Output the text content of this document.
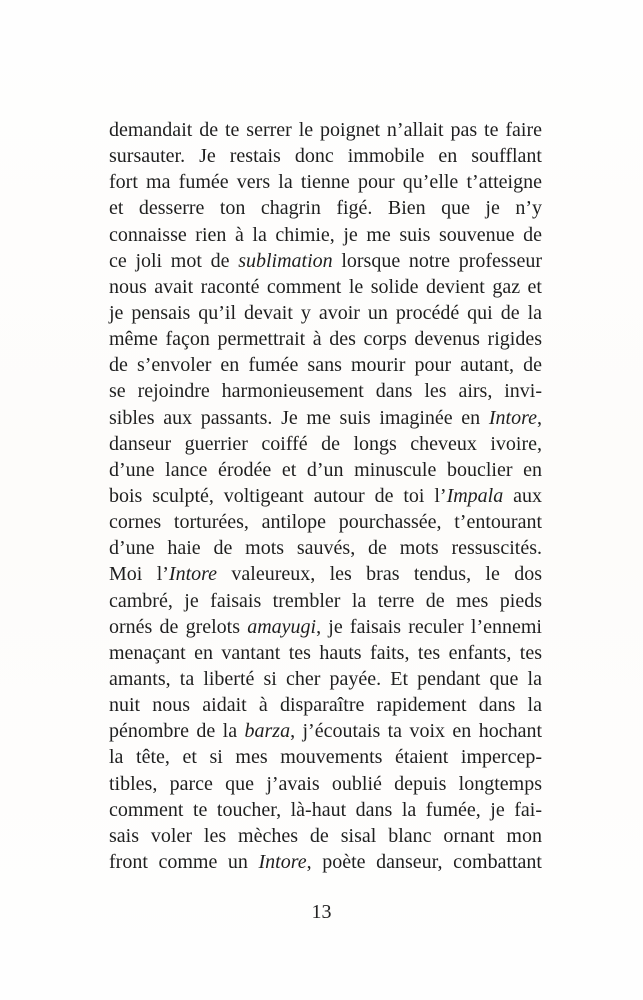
demandait de te serrer le poignet n’allait pas te faire
sursauter. Je restais donc immobile en soufflant
fort ma fumée vers la tienne pour qu’elle t’atteigne
et desserre ton chagrin figé. Bien que je n’y
connaisse rien à la chimie, je me suis souvenue de
ce joli mot de sublimation lorsque notre professeur
nous avait raconté comment le solide devient gaz et
je pensais qu’il devait y avoir un procédé qui de la
même façon permettrait à des corps devenus rigides
de s’envoler en fumée sans mourir pour autant, de
se rejoindre harmonieusement dans les airs, invi-
sibles aux passants. Je me suis imaginée en Intore,
danseur guerrier coiffé de longs cheveux ivoire,
d’une lance érodée et d’un minuscule bouclier en
bois sculpté, voltigeant autour de toi l’Impala aux
cornes torturées, antilope pourchassée, t’entourant
d’une haie de mots sauvés, de mots ressuscités.
Moi l’Intore valeureux, les bras tendus, le dos
cambré, je faisais trembler la terre de mes pieds
ornés de grelots amayugi, je faisais reculer l’ennemi
menaçant en vantant tes hauts faits, tes enfants, tes
amants, ta liberté si cher payée. Et pendant que la
nuit nous aidait à disparaître rapidement dans la
pénombre de la barza, j’écoutais ta voix en hochant
la tête, et si mes mouvements étaient impercep-
tibles, parce que j’avais oublié depuis longtemps
comment te toucher, là-haut dans la fumée, je fai-
sais voler les mèches de sisal blanc ornant mon
front comme un Intore, poète danseur, combattant
13
